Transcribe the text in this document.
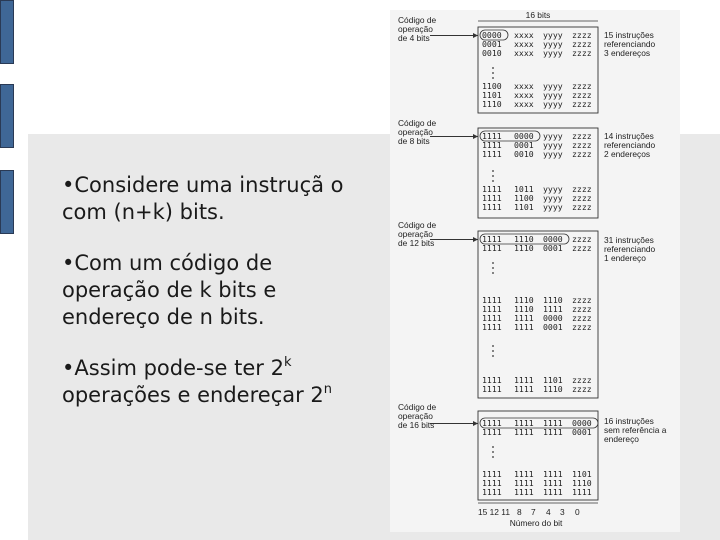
•Considere uma instruçã o
com (n+k) bits.
•Com um código de
operação de k bits e
endereço de n bits.
•Assim pode-se ter 2$^k$
operações e endereçar 2$^n$
16 bits
Código de
operação
de 4 bits	15 instruções
referenciando
3 endereços
0000 xxxx yyyy zzzz
0001 xxxx yyyy zzzz
0010 xxxx yyyy zzzz
1100 xxxx yyyy zzzz
1101 xxxx yyyy zzzz
1110 xxxx yyyy zzzz
Código de
operação
de 8 bits	14 instruções
referenciando
2 endereços
1111 0000 yyyy zzzz
1111 0001 yyyy zzzz
1111 0010 yyyy zzzz
1111 1011 yyyy zzzz
1111 1100 yyyy zzzz
1111 1101 yyyy zzzz
Código de
operação
de 12 bits	31 instruções
referenciando
1 endereço
1111 1110 0000 zzzz
1111 1110 0001 zzzz
1111 1110 1110 zzzz
1111 1110 1111 zzzz
1111 1111 0000 zzzz
1111 1111 0001 zzzz
1111 1111 1101 zzzz
1111 1111 1110 zzzz
Código de
operação
de 16 bits	16 instruções
sem referência a
endereço
1111 1111 1111 0000
1111 1111 1111 0001
1111 1111 1111 1101
1111 1111 1111 1110
1111 1111 1111 1111
15 12 11 8 7 4 3 0
Número do bit
